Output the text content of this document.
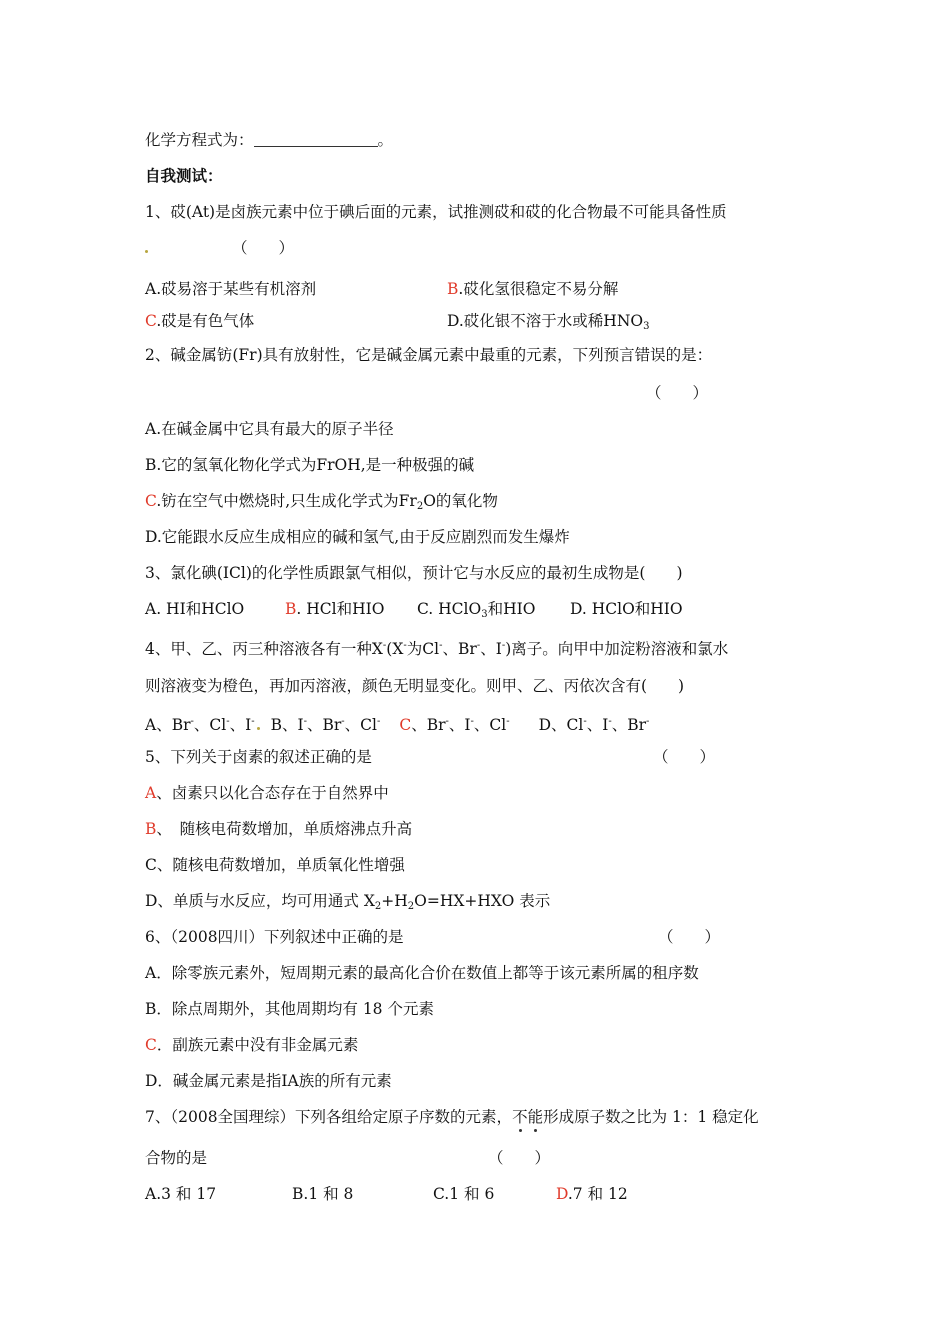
化学方程式为：	。
自我测试：
1、砹(At)是卤族元素中位于碘后面的元素，试推测砹和砹的化合物最不可能具备性质
（　　）
A.砹易溶于某些有机溶剂	B.砹化氢很稳定不易分解
C.砹是有色气体	D.砹化银不溶于水或稀$HNO_3$
2、碱金属钫(Fr)具有放射性，它是碱金属元素中最重的元素，下列预言错误的是：
（　　）
A.在碱金属中它具有最大的原子半径
B.它的氢氧化物化学式为FrOH,是一种极强的碱
C.钫在空气中燃烧时,只生成化学式为$Fr_2O$的氧化物
D.它能跟水反应生成相应的碱和氢气,由于反应剧烈而发生爆炸
3、氯化碘(ICl)的化学性质跟氯气相似，预计它与水反应的最初生成物是(　　)
A. HI和HClO	B. HCl和HIO C. HClO$_3$和HIO D. HClO和HIO
4、甲、乙、丙三种溶液各有一种X-(X-为Cl-、Br-、I-)离子。向甲中加淀粉溶液和氯水
则溶液变为橙色，再加丙溶液，颜色无明显变化。则甲、乙、丙依次含有(　　)
A、Br-、Cl-、I- B、I-、Br-、Cl- C、Br-、I-、Cl- D、Cl-、I-、Br-
5、下列关于卤素的叙述正确的是	（　　）
A、卤素只以化合态存在于自然界中
B、　随核电荷数增加，单质熔沸点升高
C、随核电荷数增加，单质氧化性增强
D、单质与水反应，均可用通式 $X_2+H_2O=HX+HXO$ 表示
6、（2008四川）下列叙述中正确的是	（　　）
A．除零族元素外，短周期元素的最高化合价在数值上都等于该元素所属的租序数
B．除点周期外，其他周期均有 18 个元素
C．副族元素中没有非金属元素
D．碱金属元素是指ⅠA族的所有元素
7、（2008全国理综）下列各组给定原子序数的元素，不能形成原子数之比为 1：1 稳定化
合物的是	（　　）
A.3 和 17	B.1 和 8	C.1 和 6	D.7 和 12
